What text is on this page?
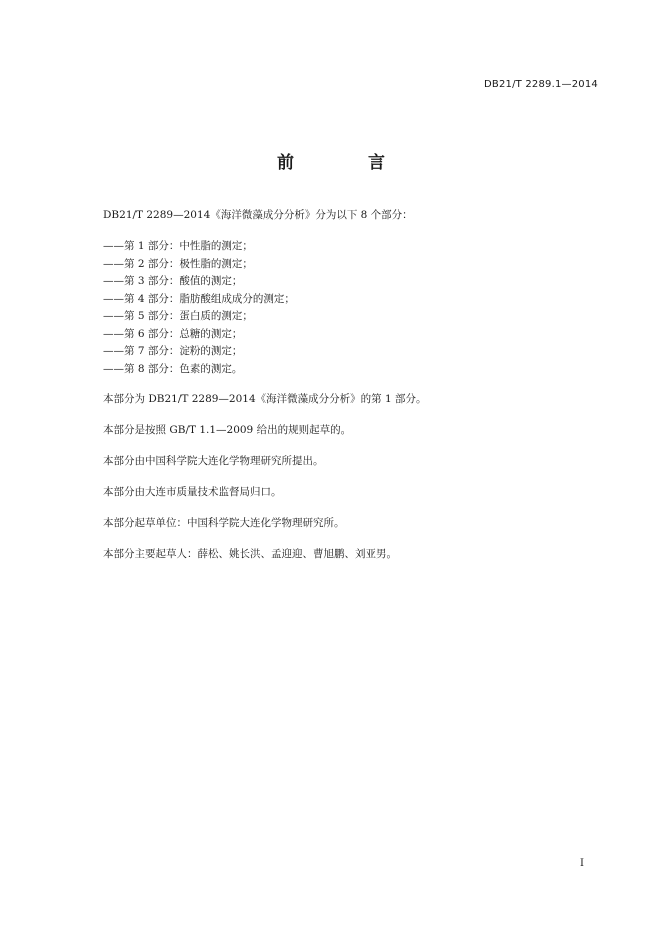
DB21/T 2289.1—2014
前 言

DB21/T 2289—2014《海洋微藻成分分析》分为以下 8 个部分：

——第 1 部分：中性脂的测定；
——第 2 部分：极性脂的测定；
——第 3 部分：酸值的测定；
——第 4 部分：脂肪酸组成成分的测定；
——第 5 部分：蛋白质的测定；
——第 6 部分：总糖的测定；
——第 7 部分：淀粉的测定；
——第 8 部分：色素的测定。

本部分为 DB21/T 2289—2014《海洋微藻成分分析》的第 1 部分。

本部分是按照 GB/T 1.1—2009 给出的规则起草的。

本部分由中国科学院大连化学物理研究所提出。

本部分由大连市质量技术监督局归口。

本部分起草单位：中国科学院大连化学物理研究所。

本部分主要起草人：薛松、姚长洪、孟迎迎、曹旭鹏、刘亚男。

I
